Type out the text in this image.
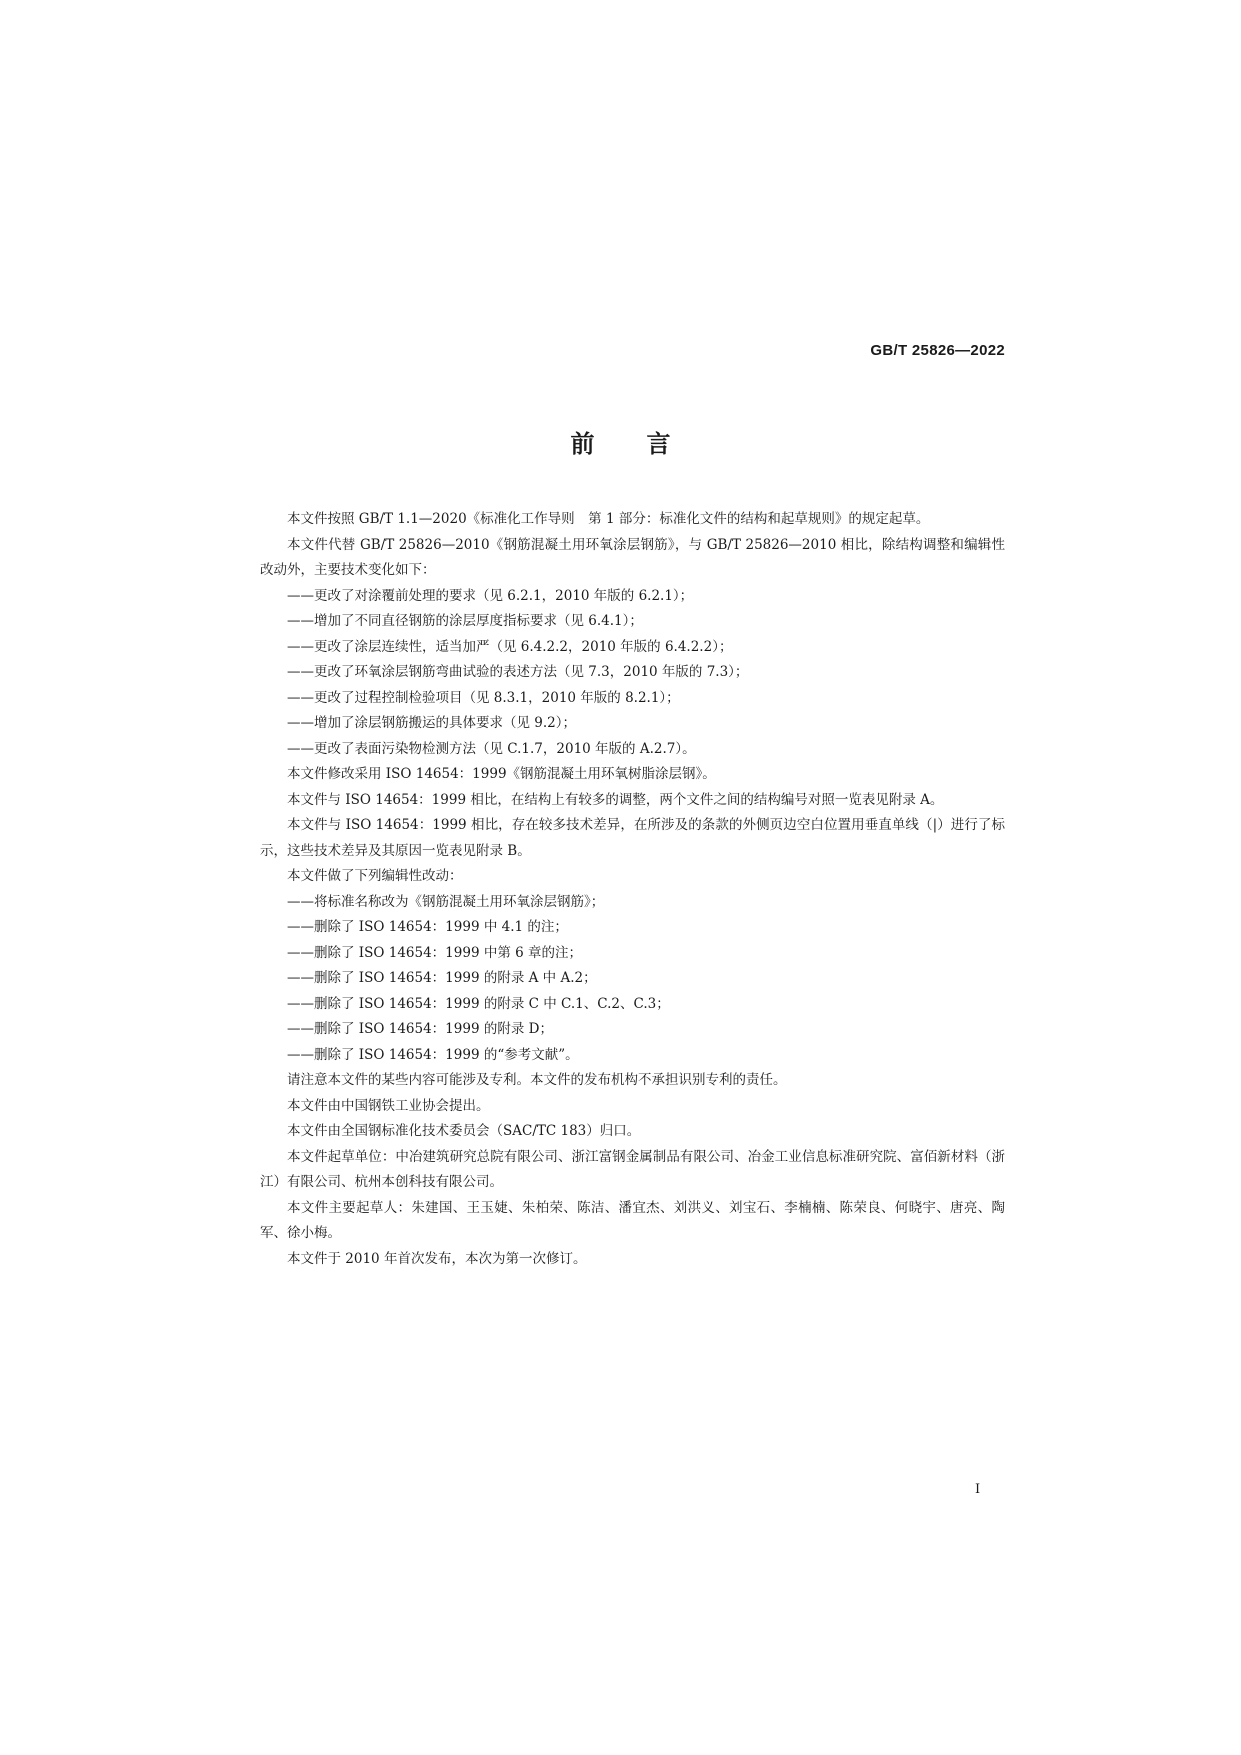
GB/T 25826—2022
前言

本文件按照 GB/T 1.1—2020《标准化工作导则　第 1 部分：标准化文件的结构和起草规则》的规定起草。

本文件代替 GB/T 25826—2010《钢筋混凝土用环氧涂层钢筋》，与 GB/T 25826—2010 相比，除结构调整和编辑性改动外，主要技术变化如下：

——更改了对涂覆前处理的要求（见 6.2.1，2010 年版的 6.2.1）；

——增加了不同直径钢筋的涂层厚度指标要求（见 6.4.1）；

——更改了涂层连续性，适当加严（见 6.4.2.2，2010 年版的 6.4.2.2）；

——更改了环氧涂层钢筋弯曲试验的表述方法（见 7.3，2010 年版的 7.3）；

——更改了过程控制检验项目（见 8.3.1，2010 年版的 8.2.1）；

——增加了涂层钢筋搬运的具体要求（见 9.2）；

——更改了表面污染物检测方法（见 C.1.7，2010 年版的 A.2.7）。

本文件修改采用 ISO 14654：1999《钢筋混凝土用环氧树脂涂层钢》。

本文件与 ISO 14654：1999 相比，在结构上有较多的调整，两个文件之间的结构编号对照一览表见附录 A。

本文件与 ISO 14654：1999 相比，存在较多技术差异，在所涉及的条款的外侧页边空白位置用垂直单线（|）进行了标示，这些技术差异及其原因一览表见附录 B。

本文件做了下列编辑性改动：

——将标准名称改为《钢筋混凝土用环氧涂层钢筋》；

——删除了 ISO 14654：1999 中 4.1 的注；

——删除了 ISO 14654：1999 中第 6 章的注；

——删除了 ISO 14654：1999 的附录 A 中 A.2；

——删除了 ISO 14654：1999 的附录 C 中 C.1、C.2、C.3；

——删除了 ISO 14654：1999 的附录 D；

——删除了 ISO 14654：1999 的“参考文献”。

请注意本文件的某些内容可能涉及专利。本文件的发布机构不承担识别专利的责任。

本文件由中国钢铁工业协会提出。

本文件由全国钢标准化技术委员会（SAC/TC 183）归口。

本文件起草单位：中冶建筑研究总院有限公司、浙江富钢金属制品有限公司、冶金工业信息标准研究院、富佰新材料（浙江）有限公司、杭州本创科技有限公司。

本文件主要起草人：朱建国、王玉婕、朱柏荣、陈洁、潘宜杰、刘洪义、刘宝石、李楠楠、陈荣良、何晓宇、唐亮、陶军、徐小梅。

本文件于 2010 年首次发布，本次为第一次修订。

I
